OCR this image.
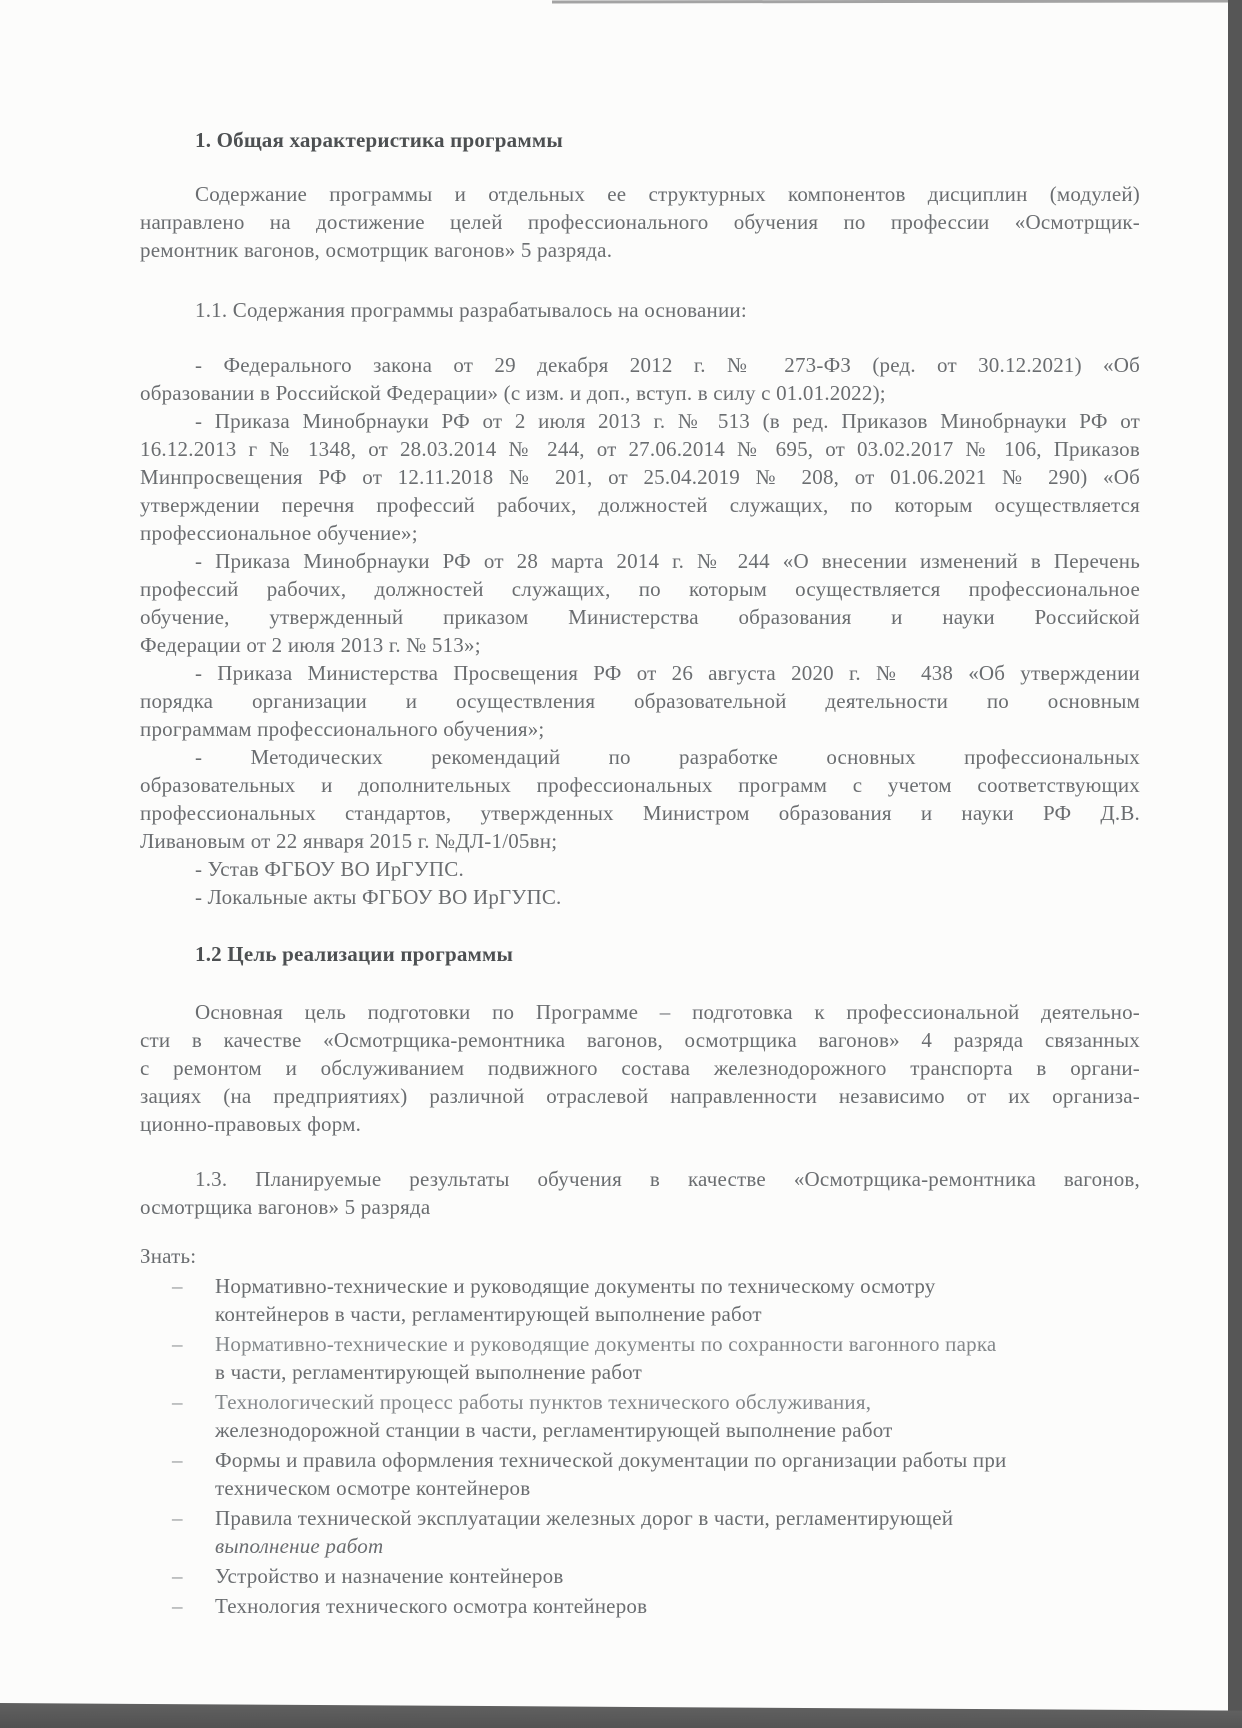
1. Общая характеристика программы
Содержание программы и отдельных ее структурных компонентов дисциплин (модулей)
направлено на достижение целей профессионального обучения по профессии «Осмотрщик-
ремонтник вагонов, осмотрщик вагонов» 5 разряда.
1.1. Содержания программы разрабатывалось на основании:
- Федерального закона от 29 декабря 2012 г. № 273-ФЗ (ред. от 30.12.2021) «Об
образовании в Российской Федерации» (с изм. и доп., вступ. в силу с 01.01.2022);
- Приказа Минобрнауки РФ от 2 июля 2013 г. № 513 (в ред. Приказов Минобрнауки РФ от
16.12.2013 г № 1348, от 28.03.2014 № 244, от 27.06.2014 № 695, от 03.02.2017 № 106, Приказов
Минпросвещения РФ от 12.11.2018 № 201, от 25.04.2019 № 208, от 01.06.2021 № 290) «Об
утверждении перечня профессий рабочих, должностей служащих, по которым осуществляется
профессиональное обучение»;
- Приказа Минобрнауки РФ от 28 марта 2014 г. № 244 «О внесении изменений в Перечень
профессий рабочих, должностей служащих, по которым осуществляется профессиональное
обучение, утвержденный приказом Министерства образования и науки Российской
Федерации от 2 июля 2013 г. № 513»;
- Приказа Министерства Просвещения РФ от 26 августа 2020 г. № 438 «Об утверждении
порядка организации и осуществления образовательной деятельности по основным
программам профессионального обучения»;
- Методических рекомендаций по разработке основных профессиональных
образовательных и дополнительных профессиональных программ с учетом соответствующих
профессиональных стандартов, утвержденных Министром образования и науки РФ Д.В.
Ливановым от 22 января 2015 г. №ДЛ-1/05вн;
- Устав ФГБОУ ВО ИрГУПС.
- Локальные акты ФГБОУ ВО ИрГУПС.
1.2 Цель реализации программы
Основная цель подготовки по Программе – подготовка к профессиональной деятельно-
сти в качестве «Осмотрщика-ремонтника вагонов, осмотрщика вагонов» 4 разряда связанных
с ремонтом и обслуживанием подвижного состава железнодорожного транспорта в органи-
зациях (на предприятиях) различной отраслевой направленности независимо от их организа-
ционно-правовых форм.
1.3. Планируемые результаты обучения в качестве «Осмотрщика-ремонтника вагонов,
осмотрщика вагонов» 5 разряда
Знать:
– Нормативно-технические и руководящие документы по техническому осмотру
контейнеров в части, регламентирующей выполнение работ
– Нормативно-технические и руководящие документы по сохранности вагонного парка
в части, регламентирующей выполнение работ
– Технологический процесс работы пунктов технического обслуживания,
железнодорожной станции в части, регламентирующей выполнение работ
– Формы и правила оформления технической документации по организации работы при
техническом осмотре контейнеров
– Правила технической эксплуатации железных дорог в части, регламентирующей
выполнение работ
– Устройство и назначение контейнеров
– Технология технического осмотра контейнеров
